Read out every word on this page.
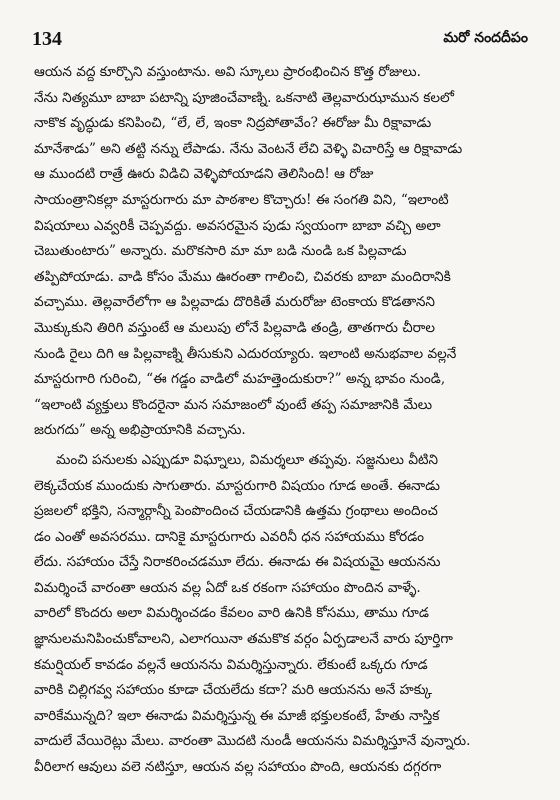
134	మరో నందదీపం
ఆయన వద్ద కూర్చొని వస్తుంటాను. అవి స్కూలు ప్రారంభించిన కొత్త రోజులు.
నేను నిత్యమూ బాబా పటాన్ని పూజించేవాణ్ని. ఒకనాటి తెల్లవారుఝామున కలలో
నాకొక వృద్ధుడు కనిపించి, “లే, లే, ఇంకా నిద్రపోతావేం? ఈరోజు మీ రిక్షావాడు
మానేశాడు” అని తట్టి నన్ను లేపాడు. నేను వెంటనే లేచి వెళ్ళి విచారిస్తే ఆ రిక్షావాడు
ఆ ముందటి రాత్రే ఊరు విడిచి వెళ్ళిపోయాడని తెలిసింది! ఆ రోజు
సాయంత్రానికల్లా మాస్టరుగారు మా పాఠశాల కొచ్చారు! ఈ సంగతి విని, “ఇలాంటి
విషయాలు ఎవ్వరికీ చెప్పవద్దు. అవసరమైన పుడు స్వయంగా బాబా వచ్చి అలా
చెబుతుంటారు” అన్నారు. మరొకసారి మా మా బడి నుండి ఒక పిల్లవాడు
తప్పిపోయాడు. వాడి కోసం మేము ఊరంతా గాలించి, చివరకు బాబా మందిరానికి
వచ్చాము. తెల్లవారేలోగా ఆ పిల్లవాడు దొరికితే మరురోజు టెంకాయ కొడతానని
మొక్కుకుని తిరిగి వస్తుంటే ఆ మలుపు లోనే పిల్లవాడి తండ్రి, తాతగారు చీరాల
నుండి రైలు దిగి ఆ పిల్లవాణ్ని తీసుకుని ఎదురయ్యారు. ఇలాంటి అనుభవాల వల్లనే
మాస్టరుగారి గురించి, “ఈ గడ్డం వాడిలో మహత్తెందుకురా?” అన్న భావం నుండి,
“ఇలాంటి వ్యక్తులు కొందరైనా మన సమాజంలో వుంటే తప్ప సమాజానికి మేలు
జరుగదు” అన్న అభిప్రాయానికి వచ్చాను.
మంచి పనులకు ఎప్పుడూ విఘ్నాలు, విమర్శలూ తప్పవు. సజ్జనులు వీటిని
లెక్కచేయక ముందుకు సాగుతారు. మాస్టరుగారి విషయం గూడ అంతే. ఈనాడు
ప్రజలలో భక్తిని, సన్మార్గాన్నీ పెంపొందించ చేయడానికి ఉత్తమ గ్రంథాలు అందించ
డం ఎంతో అవసరము. దానికై మాస్టరుగారు ఎవరినీ ధన సహాయము కోరడం
లేదు. సహాయం చేస్తే నిరాకరించడమూ లేదు. ఈనాడు ఈ విషయమై ఆయనను
విమర్శించే వారంతా ఆయన వల్ల ఏదో ఒక రకంగా సహాయం పొందిన వాళ్ళే.
వారిలో కొందరు అలా విమర్శించడం కేవలం వారి ఉనికి కోసము, తాము గూడ
జ్ఞానులమనిపించుకోవాలని, ఎలాగయినా తమకొక వర్గం ఏర్పడాలనే వారు పూర్తిగా
కమర్షియల్ కావడం వల్లనే ఆయనను విమర్శిస్తున్నారు. లేకుంటే ఒక్కరు గూడ
వారికి చిల్లిగవ్వ సహాయం కూడా చేయలేదు కదా? మరి ఆయనను అనే హక్కు
వారికేమున్నది? ఇలా ఈనాడు విమర్శిస్తున్న ఈ మాజీ భక్తులకంటే, హేతు నాస్తిక
వాదులే వేయిరెట్లు మేలు. వారంతా మొదటి నుండీ ఆయనను విమర్శిస్తూనే వున్నారు.
వీరిలాగ ఆవులు వలె నటిస్తూ, ఆయన వల్ల సహాయం పొంది, ఆయనకు దగ్గరగా
